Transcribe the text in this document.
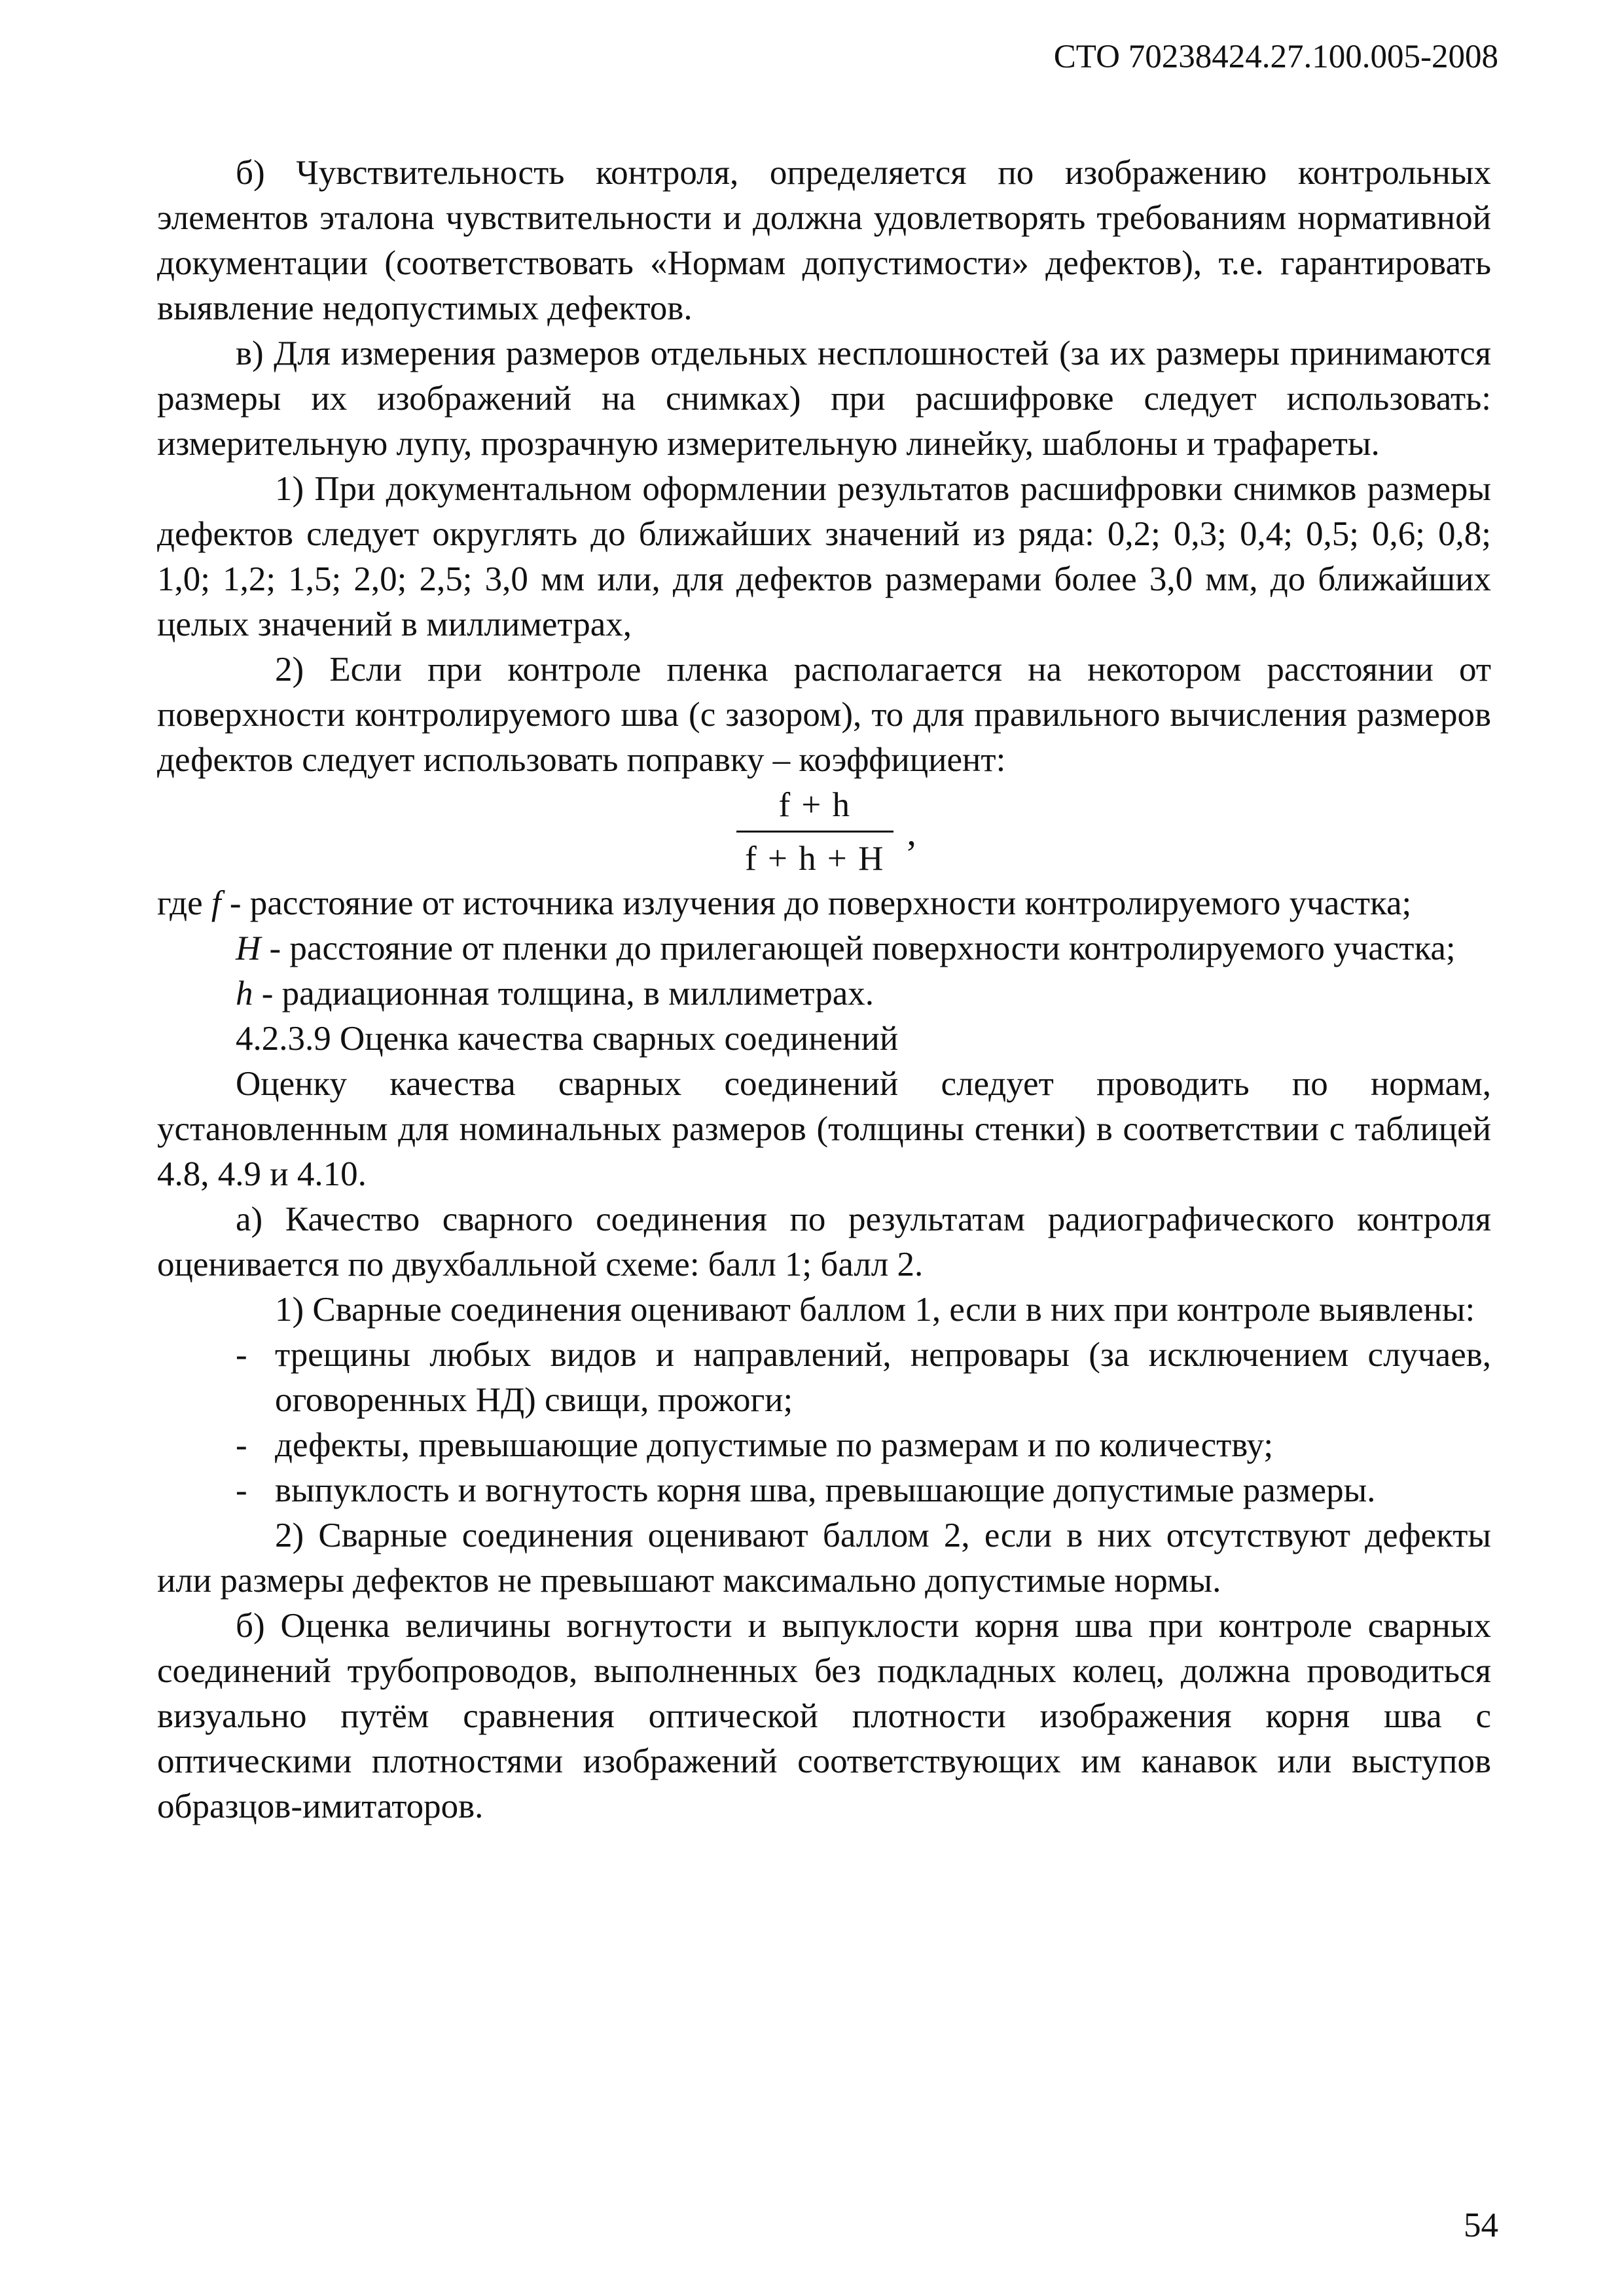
СТО 70238424.27.100.005-2008

б) Чувствительность контроля, определяется по изображению контрольных элементов эталона чувствительности и должна удовлетворять требованиям нормативной документации (соответствовать «Нормам допустимости» дефектов), т.е. гарантировать выявление недопустимых дефектов.

в) Для измерения размеров отдельных несплошностей (за их размеры принимаются размеры их изображений на снимках) при расшифровке следует использовать: измерительную лупу, прозрачную измерительную линейку, шаблоны и трафареты.

1) При документальном оформлении результатов расшифровки снимков размеры дефектов следует округлять до ближайших значений из ряда: 0,2; 0,3; 0,4; 0,5; 0,6; 0,8; 1,0; 1,2; 1,5; 2,0; 2,5; 3,0 мм или, для дефектов размерами более 3,0 мм, до ближайших целых значений в миллиметрах,

2) Если при контроле пленка располагается на некотором расстоянии от поверхности контролируемого шва (с зазором), то для правильного вычисления размеров дефектов следует использовать поправку – коэффициент:

$\frac{f + h}{f + h + H}$ ,

где f - расстояние от источника излучения до поверхности контролируемого участка;

H - расстояние от пленки до прилегающей поверхности контролируемого участка;

h - радиационная толщина, в миллиметрах.

4.2.3.9 Оценка качества сварных соединений

Оценку качества сварных соединений следует проводить по нормам, установленным для номинальных размеров (толщины стенки) в соответствии с таблицей 4.8, 4.9 и 4.10.

а) Качество сварного соединения по результатам радиографического контроля оценивается по двухбалльной схеме: балл 1; балл 2.

1) Сварные соединения оценивают баллом 1, если в них при контроле выявлены:

- трещины любых видов и направлений, непровары (за исключением случаев, оговоренных НД) свищи, прожоги;
- дефекты, превышающие допустимые по размерам и по количеству;
- выпуклость и вогнутость корня шва, превышающие допустимые размеры.

2) Сварные соединения оценивают баллом 2, если в них отсутствуют дефекты или размеры дефектов не превышают максимально допустимые нормы.

б) Оценка величины вогнутости и выпуклости корня шва при контроле сварных соединений трубопроводов, выполненных без подкладных колец, должна проводиться визуально путём сравнения оптической плотности изображения корня шва с оптическими плотностями изображений соответствующих им канавок или выступов образцов-имитаторов.

54
